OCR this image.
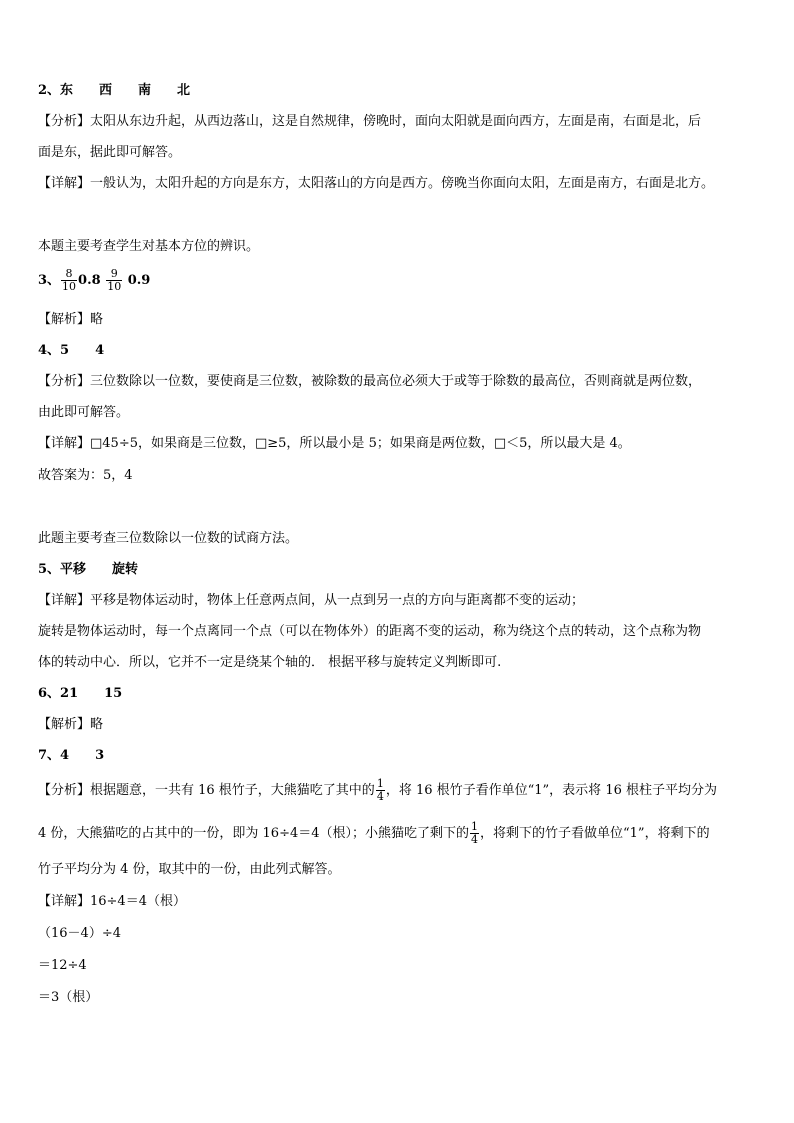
2、东　　西　　南　　北
【分析】太阳从东边升起，从西边落山，这是自然规律，傍晚时，面向太阳就是面向西方，左面是南，右面是北，后
面是东，据此即可解答。
【详解】一般认为，太阳升起的方向是东方，太阳落山的方向是西方。傍晚当你面向太阳，左面是南方，右面是北方。
本题主要考查学生对基本方位的辨识。
3、 $\frac{8}{10} 0.8 \frac{9}{10} 0.9$
【解析】略
4、5　　4
【分析】三位数除以一位数，要使商是三位数，被除数的最高位必须大于或等于除数的最高位，否则商就是两位数，
由此即可解答。
【详解】□45÷5，如果商是三位数，□≥5，所以最小是 5；如果商是两位数，□＜5，所以最大是 4。
故答案为：5，4
此题主要考查三位数除以一位数的试商方法。
5、平移　　旋转
【详解】平移是物体运动时，物体上任意两点间，从一点到另一点的方向与距离都不变的运动；
旋转是物体运动时，每一个点离同一个点（可以在物体外）的距离不变的运动，称为绕这个点的转动，这个点称为物
体的转动中心．所以，它并不一定是绕某个轴的． 根据平移与旋转定义判断即可.
6、21　　15
【解析】略
7、4　　3
【分析】根据题意，一共有 16 根竹子，大熊猫吃了其中的 $\frac{1}{4}$ ，将 16 根竹子看作单位“1”，表示将 16 根柱子平均分为
4 份，大熊猫吃的占其中的一份，即为 16÷4＝4（根）；小熊猫吃了剩下的 $\frac{1}{4}$ ，将剩下的竹子看做单位“1”，将剩下的
竹子平均分为 4 份，取其中的一份，由此列式解答。
【详解】16÷4＝4（根）
（16－4）÷4
＝12÷4
＝3（根）
